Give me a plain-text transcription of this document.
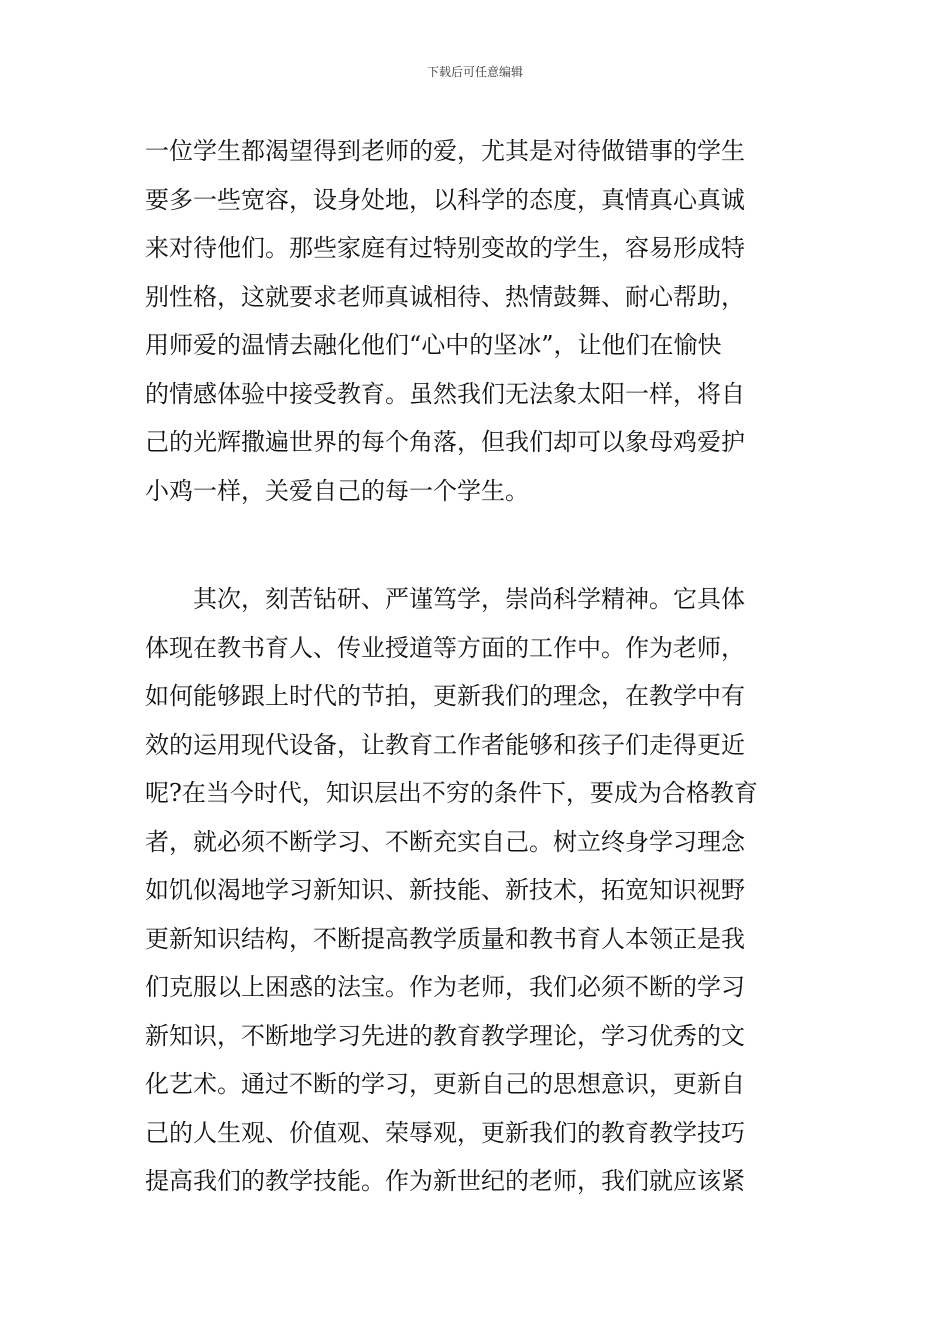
下载后可任意编辑
一位学生都渴望得到老师的爱，尤其是对待做错事的学生
要多一些宽容，设身处地，以科学的态度，真情真心真诚
来对待他们。那些家庭有过特别变故的学生，容易形成特
别性格，这就要求老师真诚相待、热情鼓舞、耐心帮助，
用师爱的温情去融化他们“心中的坚冰”，让他们在愉快
的情感体验中接受教育。虽然我们无法象太阳一样，将自
己的光辉撒遍世界的每个角落，但我们却可以象母鸡爱护
小鸡一样，关爱自己的每一个学生。
　　其次，刻苦钻研、严谨笃学，崇尚科学精神。它具体
体现在教书育人、传业授道等方面的工作中。作为老师，
如何能够跟上时代的节拍，更新我们的理念，在教学中有
效的运用现代设备，让教育工作者能够和孩子们走得更近
呢?在当今时代，知识层出不穷的条件下，要成为合格教育
者，就必须不断学习、不断充实自己。树立终身学习理念
如饥似渴地学习新知识、新技能、新技术，拓宽知识视野
更新知识结构，不断提高教学质量和教书育人本领正是我
们克服以上困惑的法宝。作为老师，我们必须不断的学习
新知识，不断地学习先进的教育教学理论，学习优秀的文
化艺术。通过不断的学习，更新自己的思想意识，更新自
己的人生观、价值观、荣辱观，更新我们的教育教学技巧
提高我们的教学技能。作为新世纪的老师，我们就应该紧
